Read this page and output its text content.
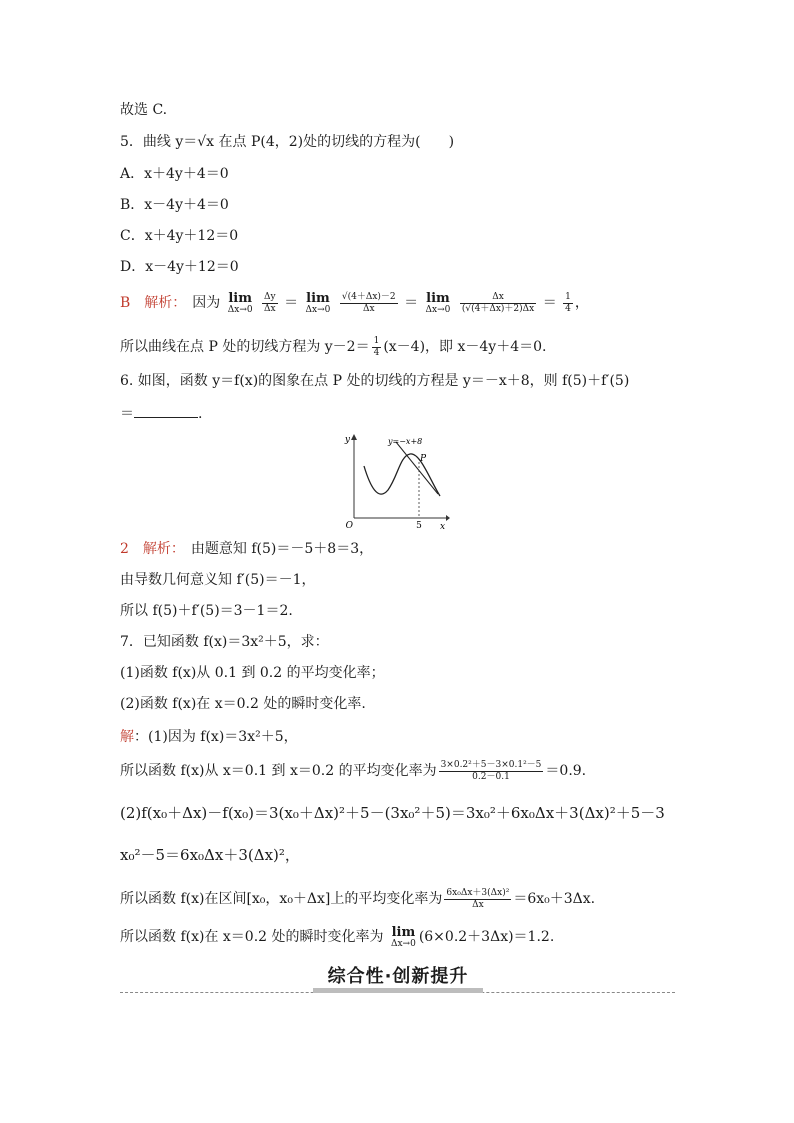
故选 C.
5．曲线 y＝√x 在点 P(4，2)处的切线的方程为(　　)
A．x＋4y＋4＝0
B．x－4y＋4＝0
C．x＋4y＋12＝0
D．x－4y＋12＝0
B 解析： 因为 lim
Δx→0
$\frac{\Delta y}{\Delta x} = \lim$
Δx→0
$\frac{√(4+\Delta x)-2}{\Delta x} = \lim$
Δx→0
$\frac{\Delta x}{(√(4+\Delta x)+2)\Delta x} = \frac{1}{4}$ ，
所以曲线在点 P 处的切线方程为 $y-2= \frac{1}{4} (x-4)$，即 x－4y＋4＝0.
6. 如图，函数 y＝f(x)的图象在点 P 处的切线的方程是 y＝－x＋8，则 f(5)＋f′(5)
＝	.
y
x
O	5
y=−x+8
P
2 解析： 由题意知 f(5)＝－5＋8＝3，
由导数几何意义知 f′(5)＝－1，
所以 f(5)＋f′(5)＝3－1＝2.
7．已知函数 f(x)＝3x²＋5，求：
(1)函数 f(x)从 0.1 到 0.2 的平均变化率；
(2)函数 f(x)在 x＝0.2 处的瞬时变化率.
解：(1)因为 f(x)＝3x²＋5，
所以函数 f(x)从 x＝0.1 到 x＝0.2 的平均变化率为 $\frac{\text{3×0.2²＋5－3×0.1²－5}}{0.2-0.1} =0.9$.
(2)f(x₀＋Δx)－f(x₀)＝3(x₀＋Δx)²＋5－(3x₀²＋5)＝3x₀²＋6x₀Δx＋3(Δx)²＋5－3
x₀²－5＝6x₀Δx＋3(Δx)²，
所以函数 f(x)在区间[x₀，x₀＋Δx]上的平均变化率为 $\frac{\text{6x₀Δx＋3(Δx)²}}{\Delta x} =6x_0+3\Delta x$.
所以函数 f(x)在 x＝0.2 处的瞬时变化率为 lim
Δx→0 (6×0.2＋3Δx)＝1.2.
综合性·创新提升
